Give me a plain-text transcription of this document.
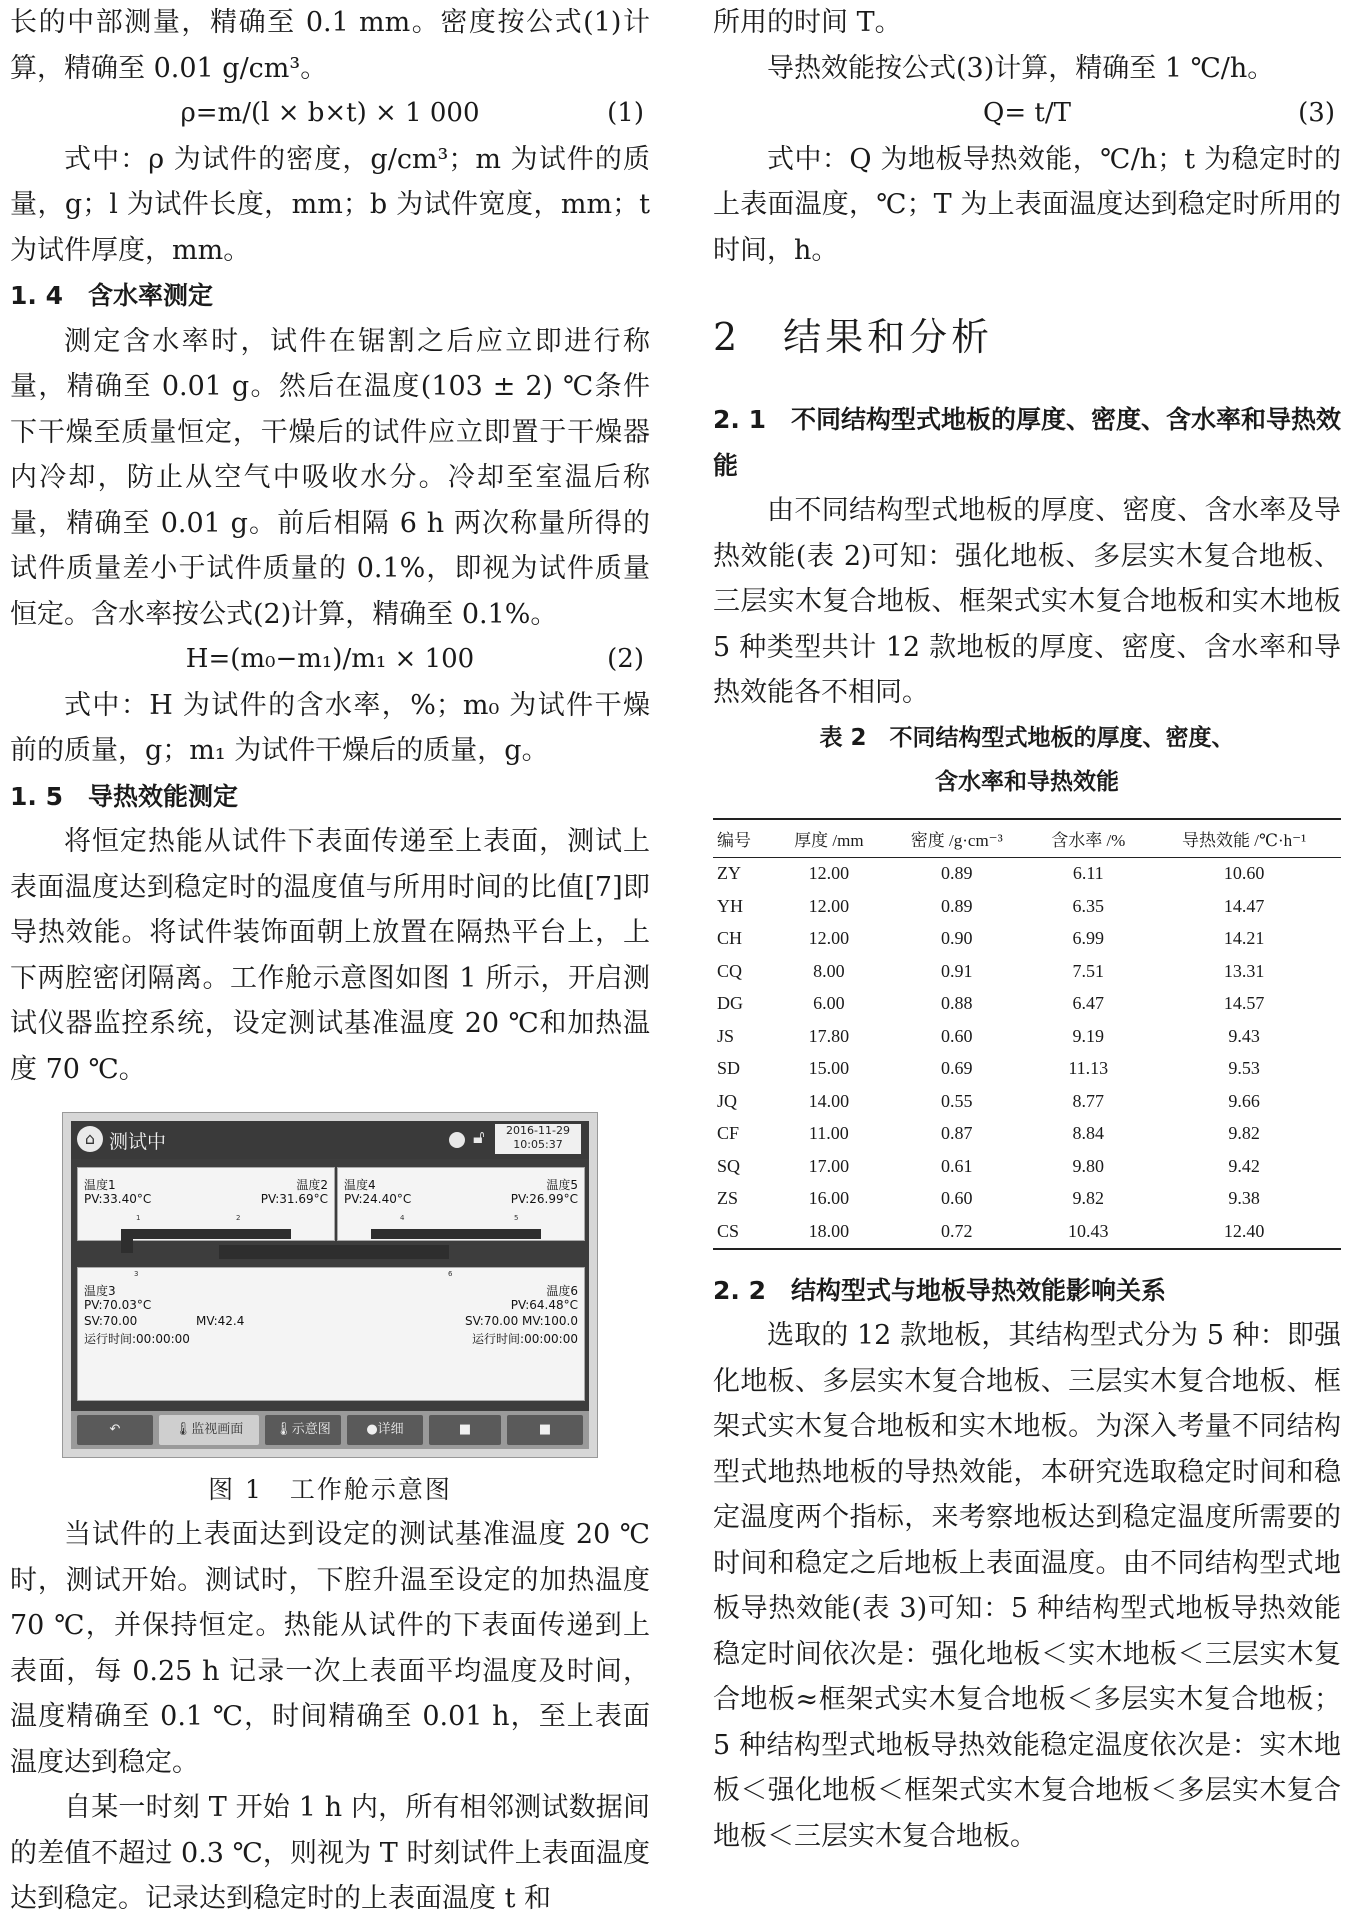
长的中部测量，精确至 0.1 mm。密度按公式(1)计算，精确至 0.01 g/cm³。

ρ=m/(l × b×t) × 1 000	(1)

式中：ρ 为试件的密度，g/cm³；m 为试件的质量，g；l 为试件长度，mm；b 为试件宽度，mm；t 为试件厚度，mm。

1. 4　含水率测定

测定含水率时，试件在锯割之后应立即进行称量，精确至 0.01 g。然后在温度(103 ± 2) ℃条件下干燥至质量恒定，干燥后的试件应立即置于干燥器内冷却，防止从空气中吸收水分。冷却至室温后称量，精确至 0.01 g。前后相隔 6 h 两次称量所得的试件质量差小于试件质量的 0.1%，即视为试件质量恒定。含水率按公式(2)计算，精确至 0.1%。

H=(m₀−m₁)/m₁ × 100	(2)

式中：H 为试件的含水率，%；m₀ 为试件干燥前的质量，g；m₁ 为试件干燥后的质量，g。

1. 5　导热效能测定

将恒定热能从试件下表面传递至上表面，测试上表面温度达到稳定时的温度值与所用时间的比值[7]即导热效能。将试件装饰面朝上放置在隔热平台上，上下两腔密闭隔离。工作舱示意图如图 1 所示，开启测试仪器监控系统，设定测试基准温度 20 ℃和加热温度 70 ℃。

⌂ 测试中	🔓︎	2016-11-29
10:05:37
温度1
PV:33.40°C
温度2
PV:31.69°C
1	2
温度4
PV:24.40°C
温度5
PV:26.99°C
4	5
3	6
温度3
PV:70.03°C
SV:70.00	MV:42.4
运行时间:00:00:00
温度6
PV:64.48°C
SV:70.00 MV:100.0
运行时间:00:00:00
↶	🌡︎监视画面	🌡︎示意图	●详细	■	■
图 1　工作舱示意图

当试件的上表面达到设定的测试基准温度 20 ℃时，测试开始。测试时，下腔升温至设定的加热温度 70 ℃，并保持恒定。热能从试件的下表面传递到上表面，每 0.25 h 记录一次上表面平均温度及时间，温度精确至 0.1 ℃，时间精确至 0.01 h，至上表面温度达到稳定。

自某一时刻 T 开始 1 h 内，所有相邻测试数据间的差值不超过 0.3 ℃，则视为 T 时刻试件上表面温度达到稳定。记录达到稳定时的上表面温度 t 和

所用的时间 T。

导热效能按公式(3)计算，精确至 1 ℃/h。

Q= t/T	(3)

式中：Q 为地板导热效能，℃/h；t 为稳定时的上表面温度，℃；T 为上表面温度达到稳定时所用的时间，h。

2　结果和分析
2. 1　不同结构型式地板的厚度、密度、含水率和导热效能

由不同结构型式地板的厚度、密度、含水率及导热效能(表 2)可知：强化地板、多层实木复合地板、三层实木复合地板、框架式实木复合地板和实木地板 5 种类型共计 12 款地板的厚度、密度、含水率和导热效能各不相同。

表 2　不同结构型式地板的厚度、密度、
含水率和导热效能
编号	厚度 /mm	密度 /g·cm⁻³	含水率 /%	导热效能 /℃·h⁻¹
ZY	12.00	0.89	6.11	10.60
YH	12.00	0.89	6.35	14.47
CH	12.00	0.90	6.99	14.21
CQ	8.00	0.91	7.51	13.31
DG	6.00	0.88	6.47	14.57
JS	17.80	0.60	9.19	9.43
SD	15.00	0.69	11.13	9.53
JQ	14.00	0.55	8.77	9.66
CF	11.00	0.87	8.84	9.82
SQ	17.00	0.61	9.80	9.42
ZS	16.00	0.60	9.82	9.38
CS	18.00	0.72	10.43	12.40
2. 2　结构型式与地板导热效能影响关系

选取的 12 款地板，其结构型式分为 5 种：即强化地板、多层实木复合地板、三层实木复合地板、框架式实木复合地板和实木地板。为深入考量不同结构型式地热地板的导热效能，本研究选取稳定时间和稳定温度两个指标，来考察地板达到稳定温度所需要的时间和稳定之后地板上表面温度。由不同结构型式地板导热效能(表 3)可知：5 种结构型式地板导热效能稳定时间依次是：强化地板＜实木地板＜三层实木复合地板≈框架式实木复合地板＜多层实木复合地板；5 种结构型式地板导热效能稳定温度依次是：实木地板＜强化地板＜框架式实木复合地板＜多层实木复合地板＜三层实木复合地板。
